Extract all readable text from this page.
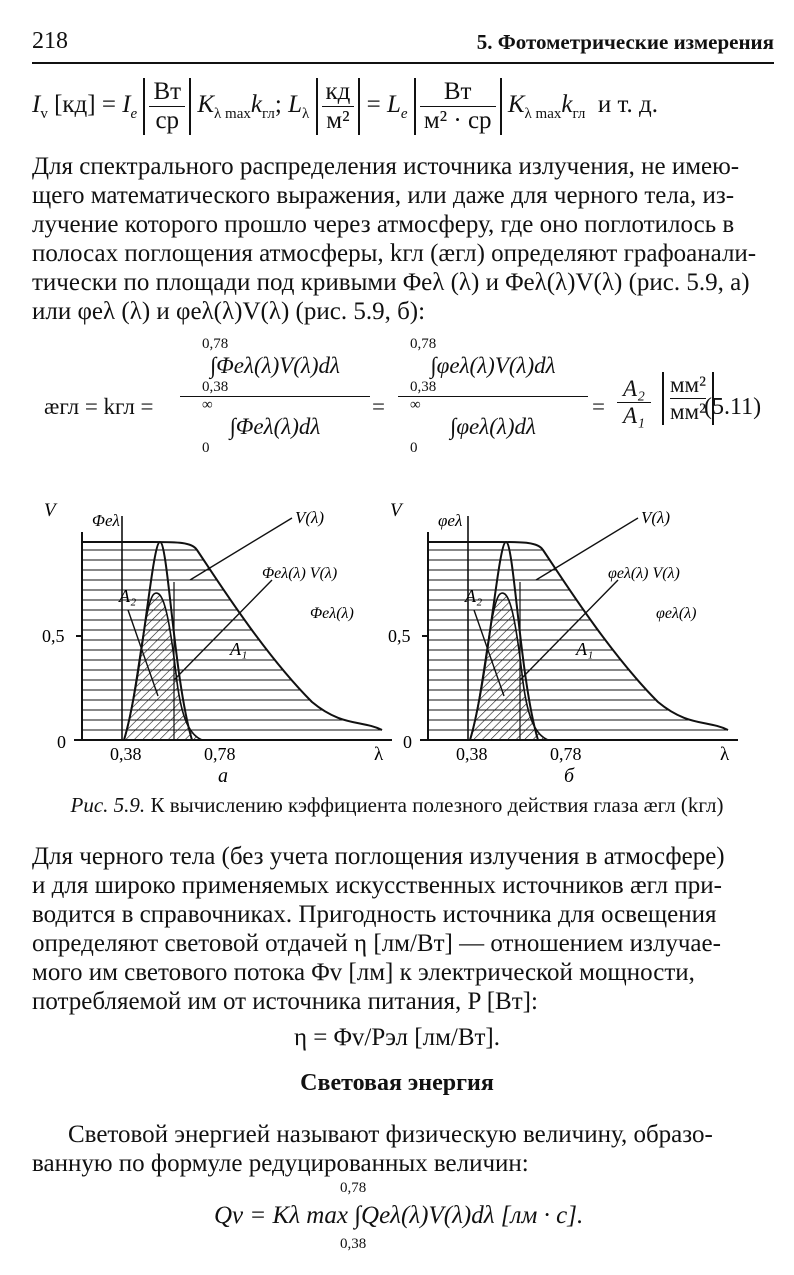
218	5. Фотометрические измерения
$I_v$ $[кд] = I_e \frac{Вт}{ср} K_{\lambda max}k_{гл}$; $L_\lambda \frac{кд}{\text{м²}} = L_e \frac{Вт}{\text{м² · ср}} K_{\lambda max}k_{гл}$ и т. д.
Для спектрального распределения источника излучения, не имею-
щего математического выражения, или даже для черного тела, из-
лучение которого прошло через атмосферу, где оно поглотилось в
полосах поглощения атмосферы, kгл (æгл) определяют графоанали-
тически по площади под кривыми Φeλ (λ) и Φeλ(λ)V(λ) (рис. 5.9, а)
или φeλ (λ) и φeλ(λ)V(λ) (рис. 5.9, б):
æгл = kгл =
0,78
∫Φeλ(λ)V(λ)dλ
0,38
∞
∫Φeλ(λ)dλ
0
=
0,78
∫φeλ(λ)V(λ)dλ
0,38
∞
∫φeλ(λ)dλ
0
= $\frac{\text{A₂}}{\text{A₁}} мм^2$
мм²
(5.11)
V Φeλ	V(λ)
Φeλ(λ) V(λ)
Φeλ(λ)
A₂
A₁
0,5
0
0,38	0,78	λ
а
V φeλ	V(λ)
φeλ(λ) V(λ)
φeλ(λ)
A₂
A₁
0,5
0
0,38	0,78	λ
б
Рис. 5.9. К вычислению кэффициента полезного действия глаза æгл (kгл)
Для черного тела (без учета поглощения излучения в атмосфере)
и для широко применяемых искусственных источников æгл при-
водится в справочниках. Пригодность источника для освещения
определяют световой отдачей η [лм/Вт] — отношением излучае-
мого им светового потока Φv [лм] к электрической мощности,
потребляемой им от источника питания, P [Вт]:
η = Φv/Pэл [лм/Вт].
Световая энергия
Световой энергией называют физическую величину, образо-
ванную по формуле редуцированных величин:
0,78
Qv = Kλ max ∫Qeλ(λ)V(λ)dλ [лм · с].
0,38
